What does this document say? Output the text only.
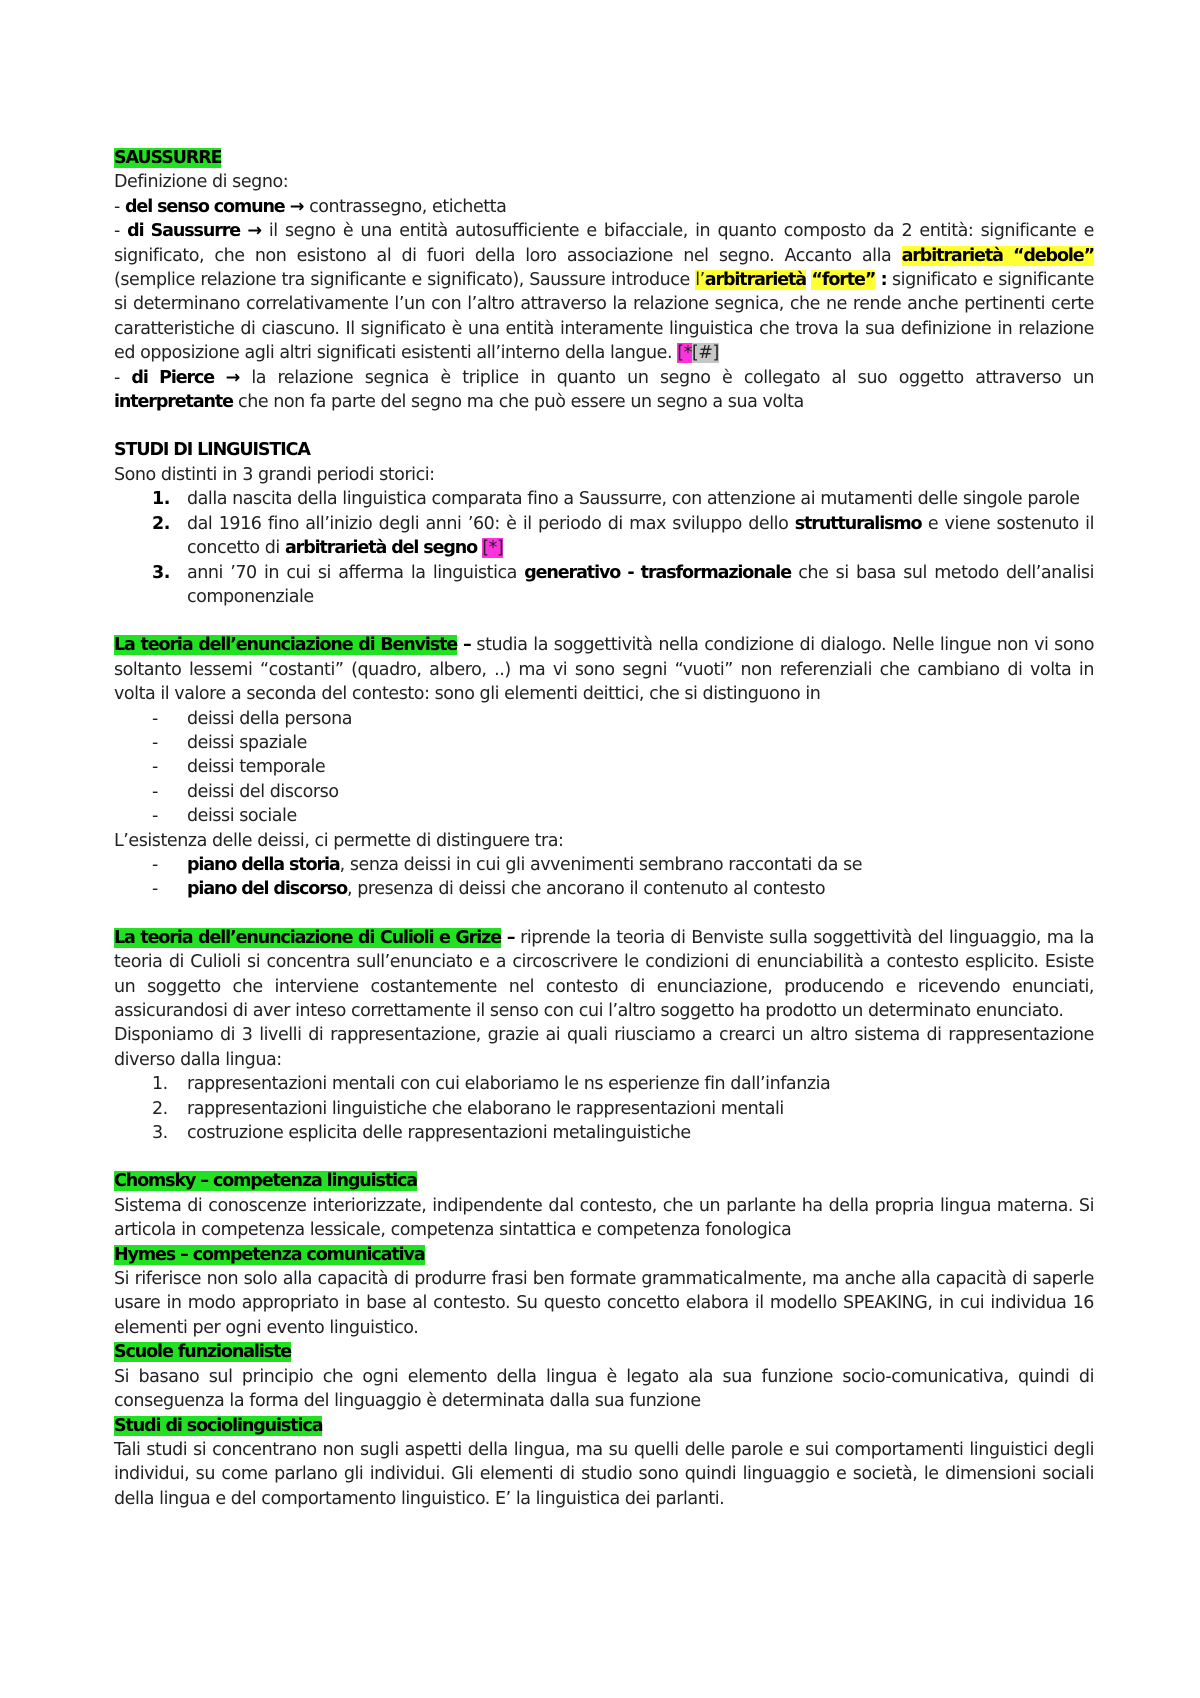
SAUSSURRE

Definizione di segno:

- del senso comune → contrassegno, etichetta

- di Saussurre → il segno è una entità autosufficiente e bifacciale, in quanto composto da 2 entità: significante e significato, che non esistono al di fuori della loro associazione nel segno. Accanto alla arbitrarietà “debole” (semplice relazione tra significante e significato), Saussure introduce l’arbitrarietà “forte” : significato e significante si determinano correlativamente l’un con l’altro attraverso la relazione segnica, che ne rende anche pertinenti certe caratteristiche di ciascuno. Il significato è una entità interamente linguistica che trova la sua definizione in relazione ed opposizione agli altri significati esistenti all’interno della langue. [*[#]

- di Pierce → la relazione segnica è triplice in quanto un segno è collegato al suo oggetto attraverso un interpretante che non fa parte del segno ma che può essere un segno a sua volta

STUDI DI LINGUISTICA

Sono distinti in 3 grandi periodi storici:

1. dalla nascita della linguistica comparata fino a Saussurre, con attenzione ai mutamenti delle singole parole
2. dal 1916 fino all’inizio degli anni ’60: è il periodo di max sviluppo dello strutturalismo e viene sostenuto il concetto di arbitrarietà del segno [*]
3. anni ’70 in cui si afferma la linguistica generativo - trasformazionale che si basa sul metodo dell’analisi componenziale

La teoria dell’enunciazione di Benviste – studia la soggettività nella condizione di dialogo. Nelle lingue non vi sono soltanto lessemi “costanti” (quadro, albero, ..) ma vi sono segni “vuoti” non referenziali che cambiano di volta in volta il valore a seconda del contesto: sono gli elementi deittici, che si distinguono in

- deissi della persona
- deissi spaziale
- deissi temporale
- deissi del discorso
- deissi sociale

L’esistenza delle deissi, ci permette di distinguere tra:

- piano della storia, senza deissi in cui gli avvenimenti sembrano raccontati da se
- piano del discorso, presenza di deissi che ancorano il contenuto al contesto

La teoria dell’enunciazione di Culioli e Grize – riprende la teoria di Benviste sulla soggettività del linguaggio, ma la teoria di Culioli si concentra sull’enunciato e a circoscrivere le condizioni di enunciabilità a contesto esplicito. Esiste un soggetto che interviene costantemente nel contesto di enunciazione, producendo e ricevendo enunciati, assicurandosi di aver inteso correttamente il senso con cui l’altro soggetto ha prodotto un determinato enunciato.

Disponiamo di 3 livelli di rappresentazione, grazie ai quali riusciamo a crearci un altro sistema di rappresentazione diverso dalla lingua:

1. rappresentazioni mentali con cui elaboriamo le ns esperienze fin dall’infanzia
2. rappresentazioni linguistiche che elaborano le rappresentazioni mentali
3. costruzione esplicita delle rappresentazioni metalinguistiche

Chomsky – competenza linguistica

Sistema di conoscenze interiorizzate, indipendente dal contesto, che un parlante ha della propria lingua materna. Si articola in competenza lessicale, competenza sintattica e competenza fonologica

Hymes – competenza comunicativa

Si riferisce non solo alla capacità di produrre frasi ben formate grammaticalmente, ma anche alla capacità di saperle usare in modo appropriato in base al contesto. Su questo concetto elabora il modello SPEAKING, in cui individua 16 elementi per ogni evento linguistico.

Scuole funzionaliste

Si basano sul principio che ogni elemento della lingua è legato ala sua funzione socio-comunicativa, quindi di conseguenza la forma del linguaggio è determinata dalla sua funzione

Studi di sociolinguistica

Tali studi si concentrano non sugli aspetti della lingua, ma su quelli delle parole e sui comportamenti linguistici degli individui, su come parlano gli individui. Gli elementi di studio sono quindi linguaggio e società, le dimensioni sociali della lingua e del comportamento linguistico. E’ la linguistica dei parlanti.
